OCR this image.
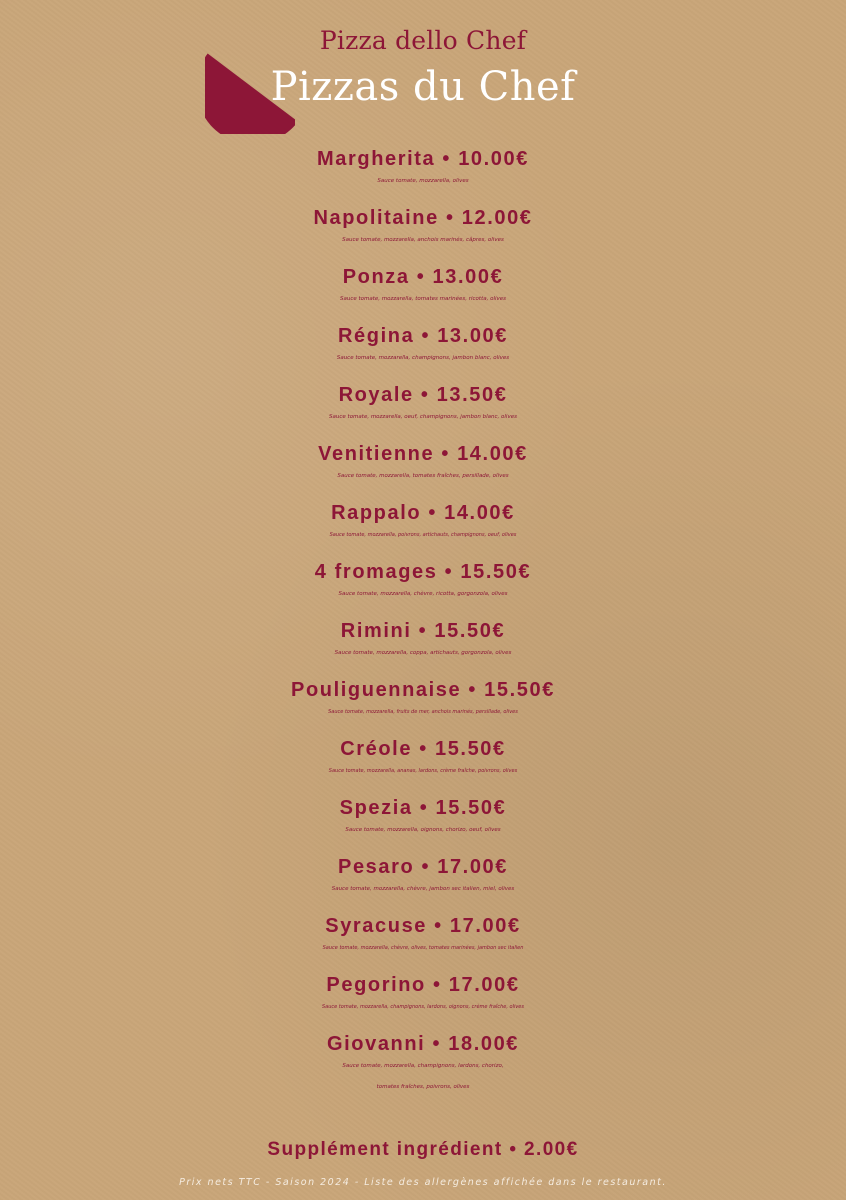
Pizza dello Chef
Pizzas du Chef
Margherita • 10.00€
Sauce tomate, mozzarella, olives
Napolitaine • 12.00€
Sauce tomate, mozzarella, anchois marinés, câpres, olives
Ponza • 13.00€
Sauce tomate, mozzarella, tomates marinées, ricotta, olives
Régina • 13.00€
Sauce tomate, mozzarella, champignons, jambon blanc, olives
Royale • 13.50€
Sauce tomate, mozzarella, oeuf, champignons, jambon blanc, olives
Venitienne • 14.00€
Sauce tomate, mozzarella, tomates fraîches, persillade, olives
Rappalo • 14.00€
Sauce tomate, mozzarella, poivrons, artichauts, champignons, oeuf, olives
4 fromages • 15.50€
Sauce tomate, mozzarella, chèvre, ricotta, gorgonzola, olives
Rimini • 15.50€
Sauce tomate, mozzarella, coppa, artichauts, gorgonzola, olives
Pouliguennaise • 15.50€
Sauce tomate, mozzarella, fruits de mer, anchois marinés, persillade, olives
Créole • 15.50€
Sauce tomate, mozzarella, ananas, lardons, crème fraîche, poivrons, olives
Spezia • 15.50€
Sauce tomate, mozzarella, oignons, chorizo, oeuf, olives
Pesaro • 17.00€
Sauce tomate, mozzarella, chèvre, jambon sec italien, miel, olives
Syracuse • 17.00€
Sauce tomate, mozzarella, chèvre, olives, tomates marinées, jambon sec italien
Pegorino • 17.00€
Sauce tomate, mozzarella, champignons, lardons, oignons, crème fraîche, olives
Giovanni • 18.00€
Sauce tomate, mozzarella, champignons, lardons, chorizo,
tomates fraîches, poivrons, olives
Supplément ingrédient • 2.00€
Prix nets TTC - Saison 2024 - Liste des allergènes affichée dans le restaurant.
